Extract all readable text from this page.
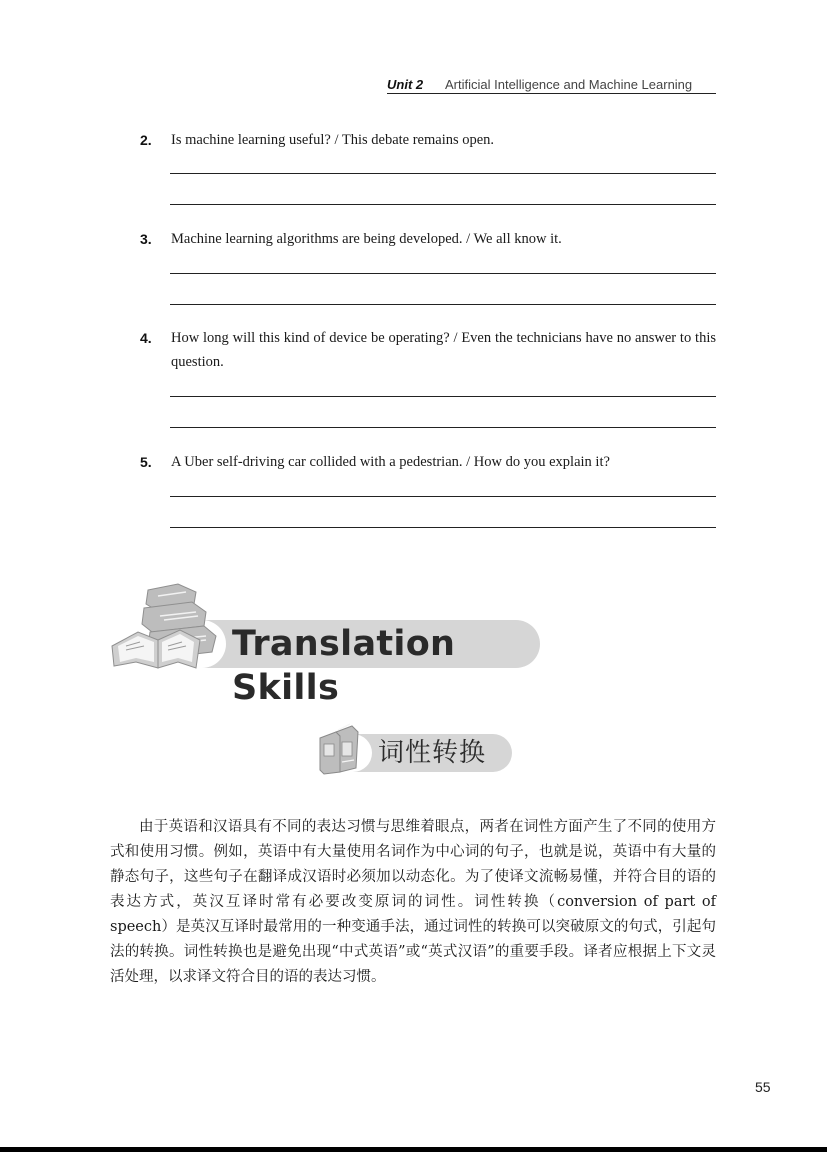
Unit 2 Artificial Intelligence and Machine Learning
2. Is machine learning useful? / This debate remains open.
3. Machine learning algorithms are being developed. / We all know it.
4. How long will this kind of device be operating? / Even the technicians have no answer to this question.
5. A Uber self-driving car collided with a pedestrian. / How do you explain it?
Translation Skills
词性转换

由于英语和汉语具有不同的表达习惯与思维着眼点，两者在词性方面产生了不同的使用方式和使用习惯。例如，英语中有大量使用名词作为中心词的句子，也就是说，英语中有大量的静态句子，这些句子在翻译成汉语时必须加以动态化。为了使译文流畅易懂，并符合目的语的表达方式，英汉互译时常有必要改变原词的词性。词性转换（conversion of part of speech）是英汉互译时最常用的一种变通手法，通过词性的转换可以突破原文的句式，引起句法的转换。词性转换也是避免出现“中式英语”或“英式汉语”的重要手段。译者应根据上下文灵活处理，以求译文符合目的语的表达习惯。

55
